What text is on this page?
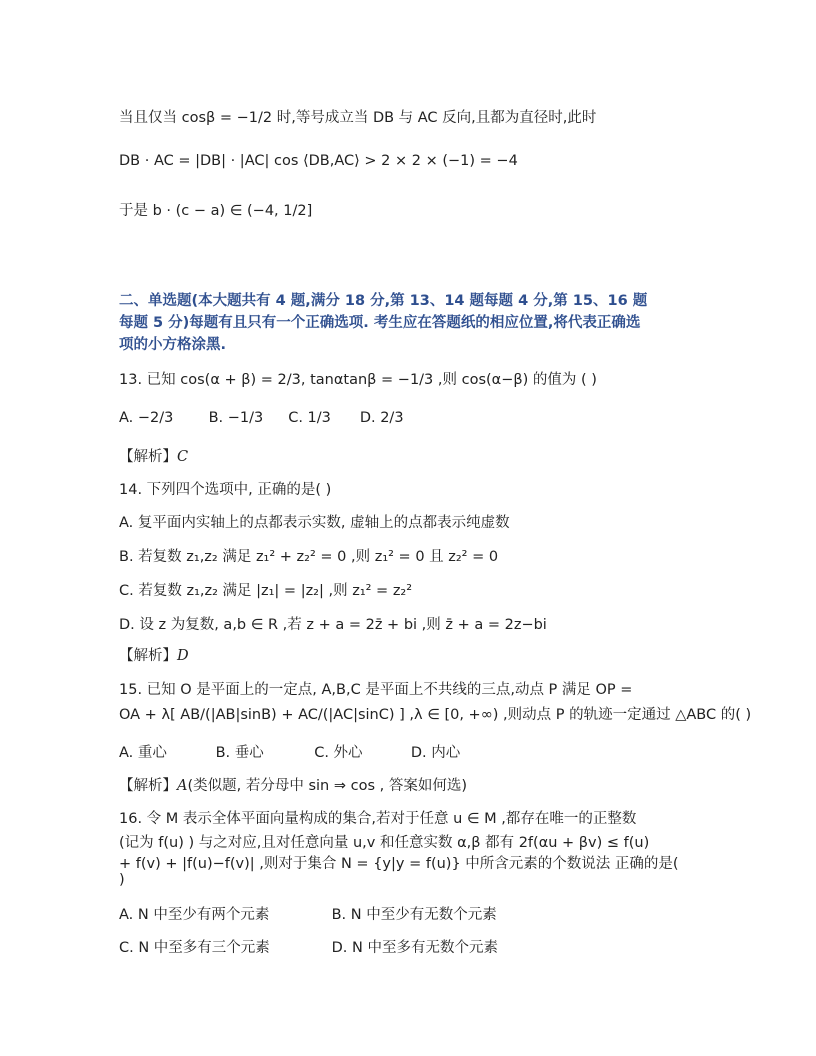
当且仅当 cosβ = −1/2 时,等号成立当 DB 与 AC 反向,且都为直径时,此时
DB · AC = |DB| · |AC| cos ⟨DB,AC⟩ > 2 × 2 × (−1) = −4
于是 b · (c − a) ∈ (−4, 1/2]
二、单选题(本大题共有 4 题,满分 18 分,第 13、14 题每题 4 分,第 15、16 题
每题 5 分)每题有且只有一个正确选项. 考生应在答题纸的相应位置,将代表正确选
项的小方格涂黑.
13. 已知 cos(α + β) = 2/3, tanαtanβ = −1/3 ,则 cos(α−β) 的值为 ( )
A. −2/3 B. −1/3 C. 1/3 D. 2/3
【解析】C
14. 下列四个选项中, 正确的是( )
A. 复平面内实轴上的点都表示实数, 虚轴上的点都表示纯虚数
B. 若复数 z₁,z₂ 满足 z₁² + z₂² = 0 ,则 z₁² = 0 且 z₂² = 0
C. 若复数 z₁,z₂ 满足 |z₁| = |z₂| ,则 z₁² = z₂²
D. 设 z 为复数, a,b ∈ R ,若 z + a = 2z̄ + bi ,则 z̄ + a = 2z−bi
【解析】D
15. 已知 O 是平面上的一定点, A,B,C 是平面上不共线的三点,动点 P 满足 OP =
OA + λ[ AB/(|AB|sinB) + AC/(|AC|sinC) ] ,λ ∈ [0, +∞) ,则动点 P 的轨迹一定通过 △ABC 的( )
A. 重心	B. 垂心	C. 外心	D. 内心
【解析】A(类似题, 若分母中 sin ⇒ cos , 答案如何选)
16. 令 M 表示全体平面向量构成的集合,若对于任意 u ∈ M ,都存在唯一的正整数
(记为 f(u) ) 与之对应,且对任意向量 u,v 和任意实数 α,β 都有 2f(αu + βv) ≤ f(u)
+ f(v) + |f(u)−f(v)| ,则对于集合 N = {y|y = f(u)} 中所含元素的个数说法 正确的是(
)
A. N 中至少有两个元素	B. N 中至少有无数个元素
C. N 中至多有三个元素	D. N 中至多有无数个元素
